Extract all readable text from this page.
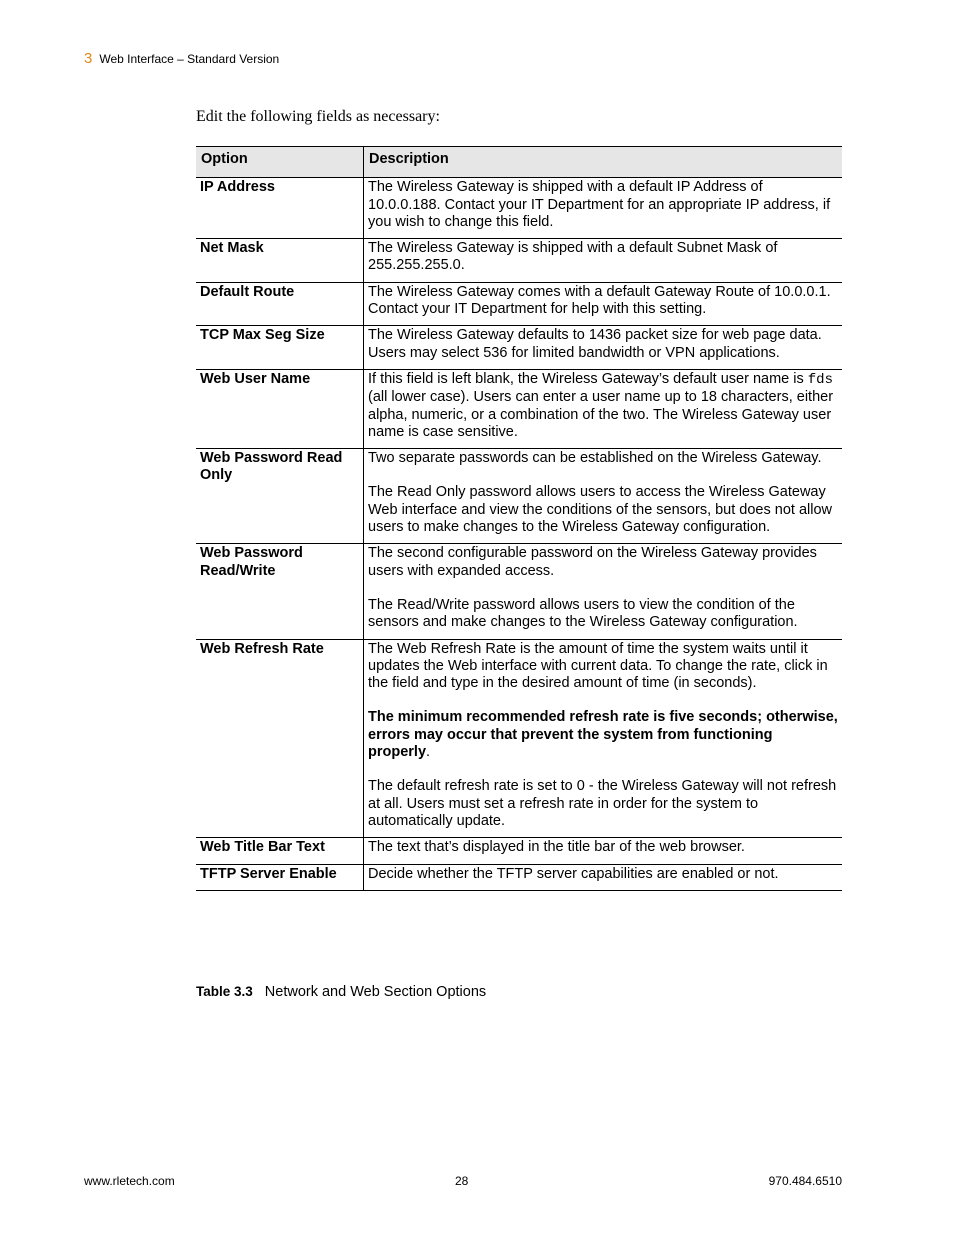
3 Web Interface – Standard Version
Edit the following fields as necessary:
Option	Description
IP Address	The Wireless Gateway is shipped with a default IP Address of 10.0.0.188. Contact your IT Department for an appropriate IP address, if you wish to change this field.
Net Mask	The Wireless Gateway is shipped with a default Subnet Mask of 255.255.255.0.
Default Route	The Wireless Gateway comes with a default Gateway Route of 10.0.0.1. Contact your IT Department for help with this setting.
TCP Max Seg Size	The Wireless Gateway defaults to 1436 packet size for web page data. Users may select 536 for limited bandwidth or VPN applications.
Web User Name	If this field is left blank, the Wireless Gateway’s default user name is fds (all lower case). Users can enter a user name up to 18 characters, either alpha, numeric, or a combination of the two. The Wireless Gateway user name is case sensitive.
Web Password Read Only	Two separate passwords can be established on the Wireless Gateway.

The Read Only password allows users to access the Wireless Gateway Web interface and view the conditions of the sensors, but does not allow users to make changes to the Wireless Gateway configuration.

Web Password Read/Write	The second configurable password on the Wireless Gateway provides users with expanded access.

The Read/Write password allows users to view the condition of the sensors and make changes to the Wireless Gateway configuration.

Web Refresh Rate	The Web Refresh Rate is the amount of time the system waits until it updates the Web interface with current data. To change the rate, click in the field and type in the desired amount of time (in seconds).

The minimum recommended refresh rate is five seconds; otherwise, errors may occur that prevent the system from functioning properly.

The default refresh rate is set to 0 - the Wireless Gateway will not refresh at all. Users must set a refresh rate in order for the system to automatically update.

Web Title Bar Text	The text that’s displayed in the title bar of the web browser.
TFTP Server Enable	Decide whether the TFTP server capabilities are enabled or not.
Table 3.3 Network and Web Section Options
www.rletech.com	28	970.484.6510
